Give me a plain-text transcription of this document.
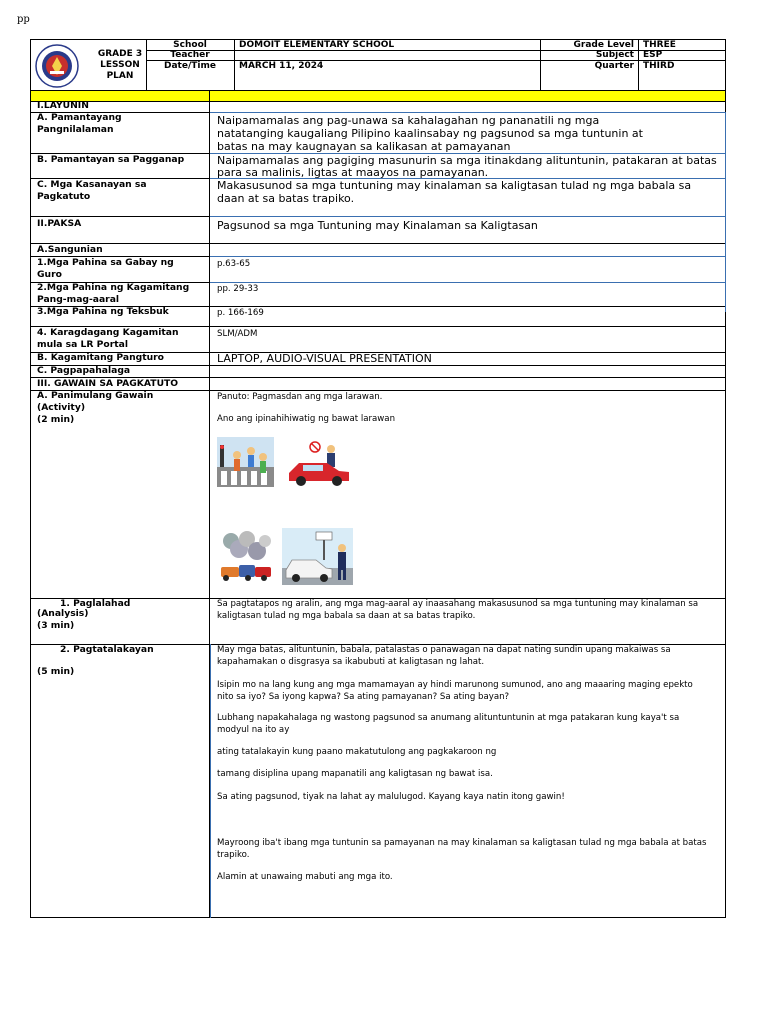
pp
GRADE 3 LESSON PLAN
School
Teacher
Date/Time
DOMOIT ELEMENTARY SCHOOL
MARCH 11, 2024
Grade Level
Subject
Quarter
THREE
ESP
THIRD
I.LAYUNIN
A. Pamantayang Pangnilalaman
B. Pamantayan sa Pagganap
C. Mga Kasanayan sa Pagkatuto
II.PAKSA
A.Sangunian
1.Mga Pahina sa Gabay ng Guro
2.Mga Pahina ng Kagamitang Pang-mag-aaral
3.Mga Pahina ng Teksbuk
4. Karagdagang Kagamitan mula sa LR Portal
B. Kagamitang Pangturo
C. Pagpapahalaga
III. GAWAIN SA PAGKATUTO
A. Panimulang Gawain (Activity)
(2 min)
1. Paglalahad
(Analysis)
(3 min)
2. Pagtatalakayan
(5 min)
Naipamamalas ang pag-unawa sa kahalagahan ng pananatili ng mga natatanging kaugaliang Pilipino kaalinsabay ng pagsunod sa mga tuntunin at batas na may kaugnayan sa kalikasan at pamayanan
Naipamamalas ang pagiging masunurin sa mga itinakdang alituntunin, patakaran at batas para sa malinis, ligtas at maayos na pamayanan.
Makasusunod sa mga tuntuning may kinalaman sa kaligtasan tulad ng mga babala sa daan at sa batas trapiko.
Pagsunod sa mga Tuntuning may Kinalaman sa Kaligtasan
p.63-65
pp. 29-33
p. 166-169
SLM/ADM
LAPTOP, AUDIO-VISUAL PRESENTATION
Panuto: Pagmasdan ang mga larawan.
Ano ang ipinahihiwatig ng bawat larawan
Sa pagtatapos ng aralin, ang mga mag-aaral ay inaasahang makasusunod sa mga tuntuning may kinalaman sa kaligtasan tulad ng mga babala sa daan at sa batas trapiko.
May mga batas, alituntunin, babala, patalastas o panawagan na dapat nating sundin upang makaiwas sa kapahamakan o disgrasya sa ikabubuti at kaligtasan ng lahat.
Isipin mo na lang kung ang mga mamamayan ay hindi marunong sumunod, ano ang maaaring maging epekto nito sa iyo? Sa iyong kapwa? Sa ating pamayanan? Sa ating bayan?
Lubhang napakahalaga ng wastong pagsunod sa anumang alituntuntunin at mga patakaran kung kaya't sa modyul na ito ay
ating tatalakayin kung paano makatutulong ang pagkakaroon ng
tamang disiplina upang mapanatili ang kaligtasan ng bawat isa.
Sa ating pagsunod, tiyak na lahat ay malulugod. Kayang kaya natin itong gawin!
Mayroong iba't ibang mga tuntunin sa pamayanan na may kinalaman sa kaligtasan tulad ng mga babala at batas trapiko.
Alamin at unawaing mabuti ang mga ito.
